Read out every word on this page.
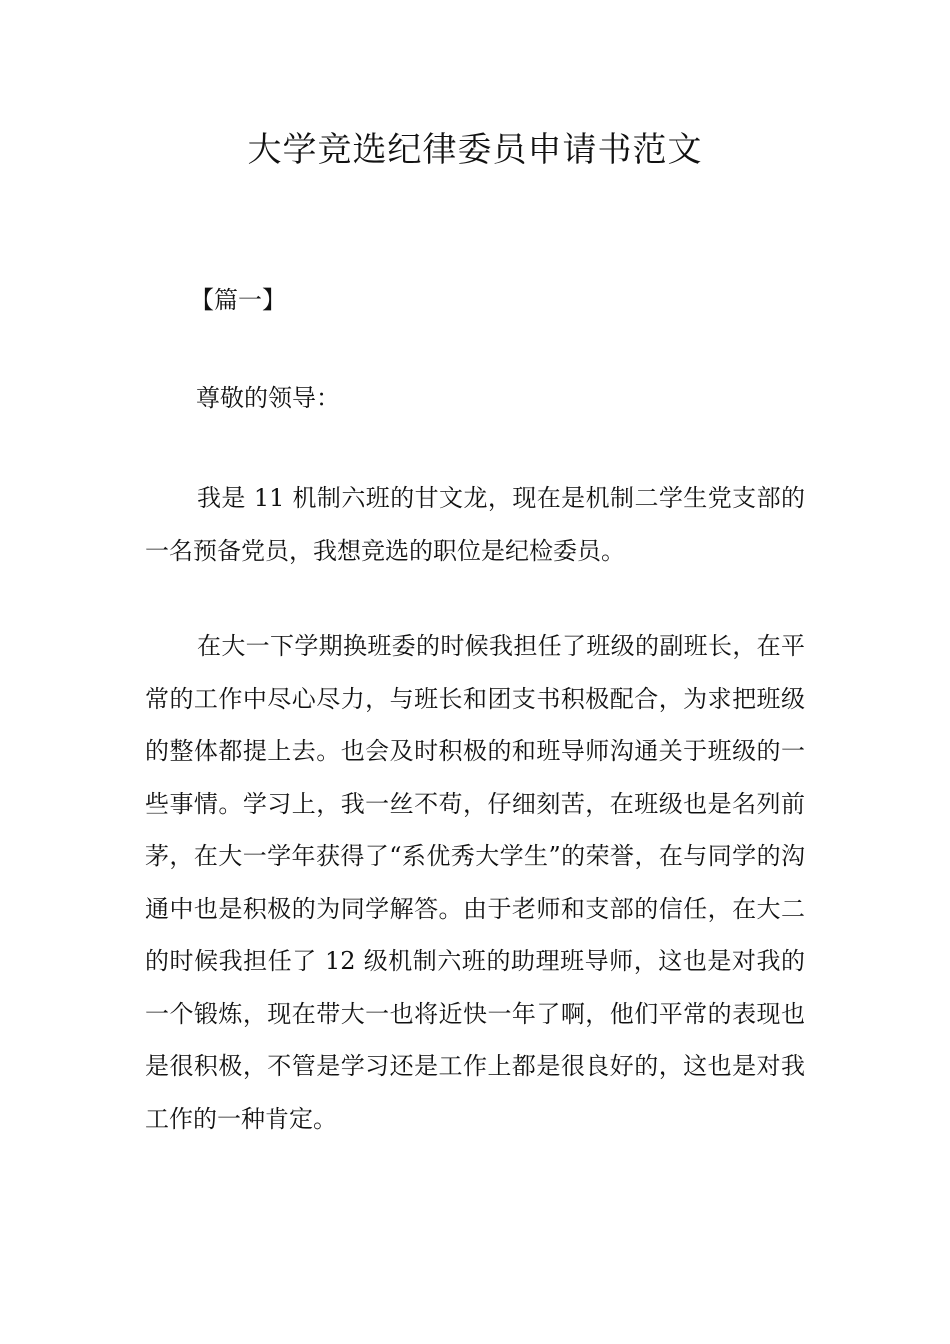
大学竞选纪律委员申请书范文
【篇一】
尊敬的领导：

我是 11 机制六班的甘文龙，现在是机制二学生党支部的一名预备党员，我想竞选的职位是纪检委员。

在大一下学期换班委的时候我担任了班级的副班长，在平常的工作中尽心尽力，与班长和团支书积极配合，为求把班级的整体都提上去。也会及时积极的和班导师沟通关于班级的一些事情。学习上，我一丝不苟，仔细刻苦，在班级也是名列前茅，在大一学年获得了“系优秀大学生”的荣誉，在与同学的沟通中也是积极的为同学解答。由于老师和支部的信任，在大二的时候我担任了 12 级机制六班的助理班导师，这也是对我的一个锻炼，现在带大一也将近快一年了啊，他们平常的表现也是很积极，不管是学习还是工作上都是很良好的，这也是对我工作的一种肯定。
